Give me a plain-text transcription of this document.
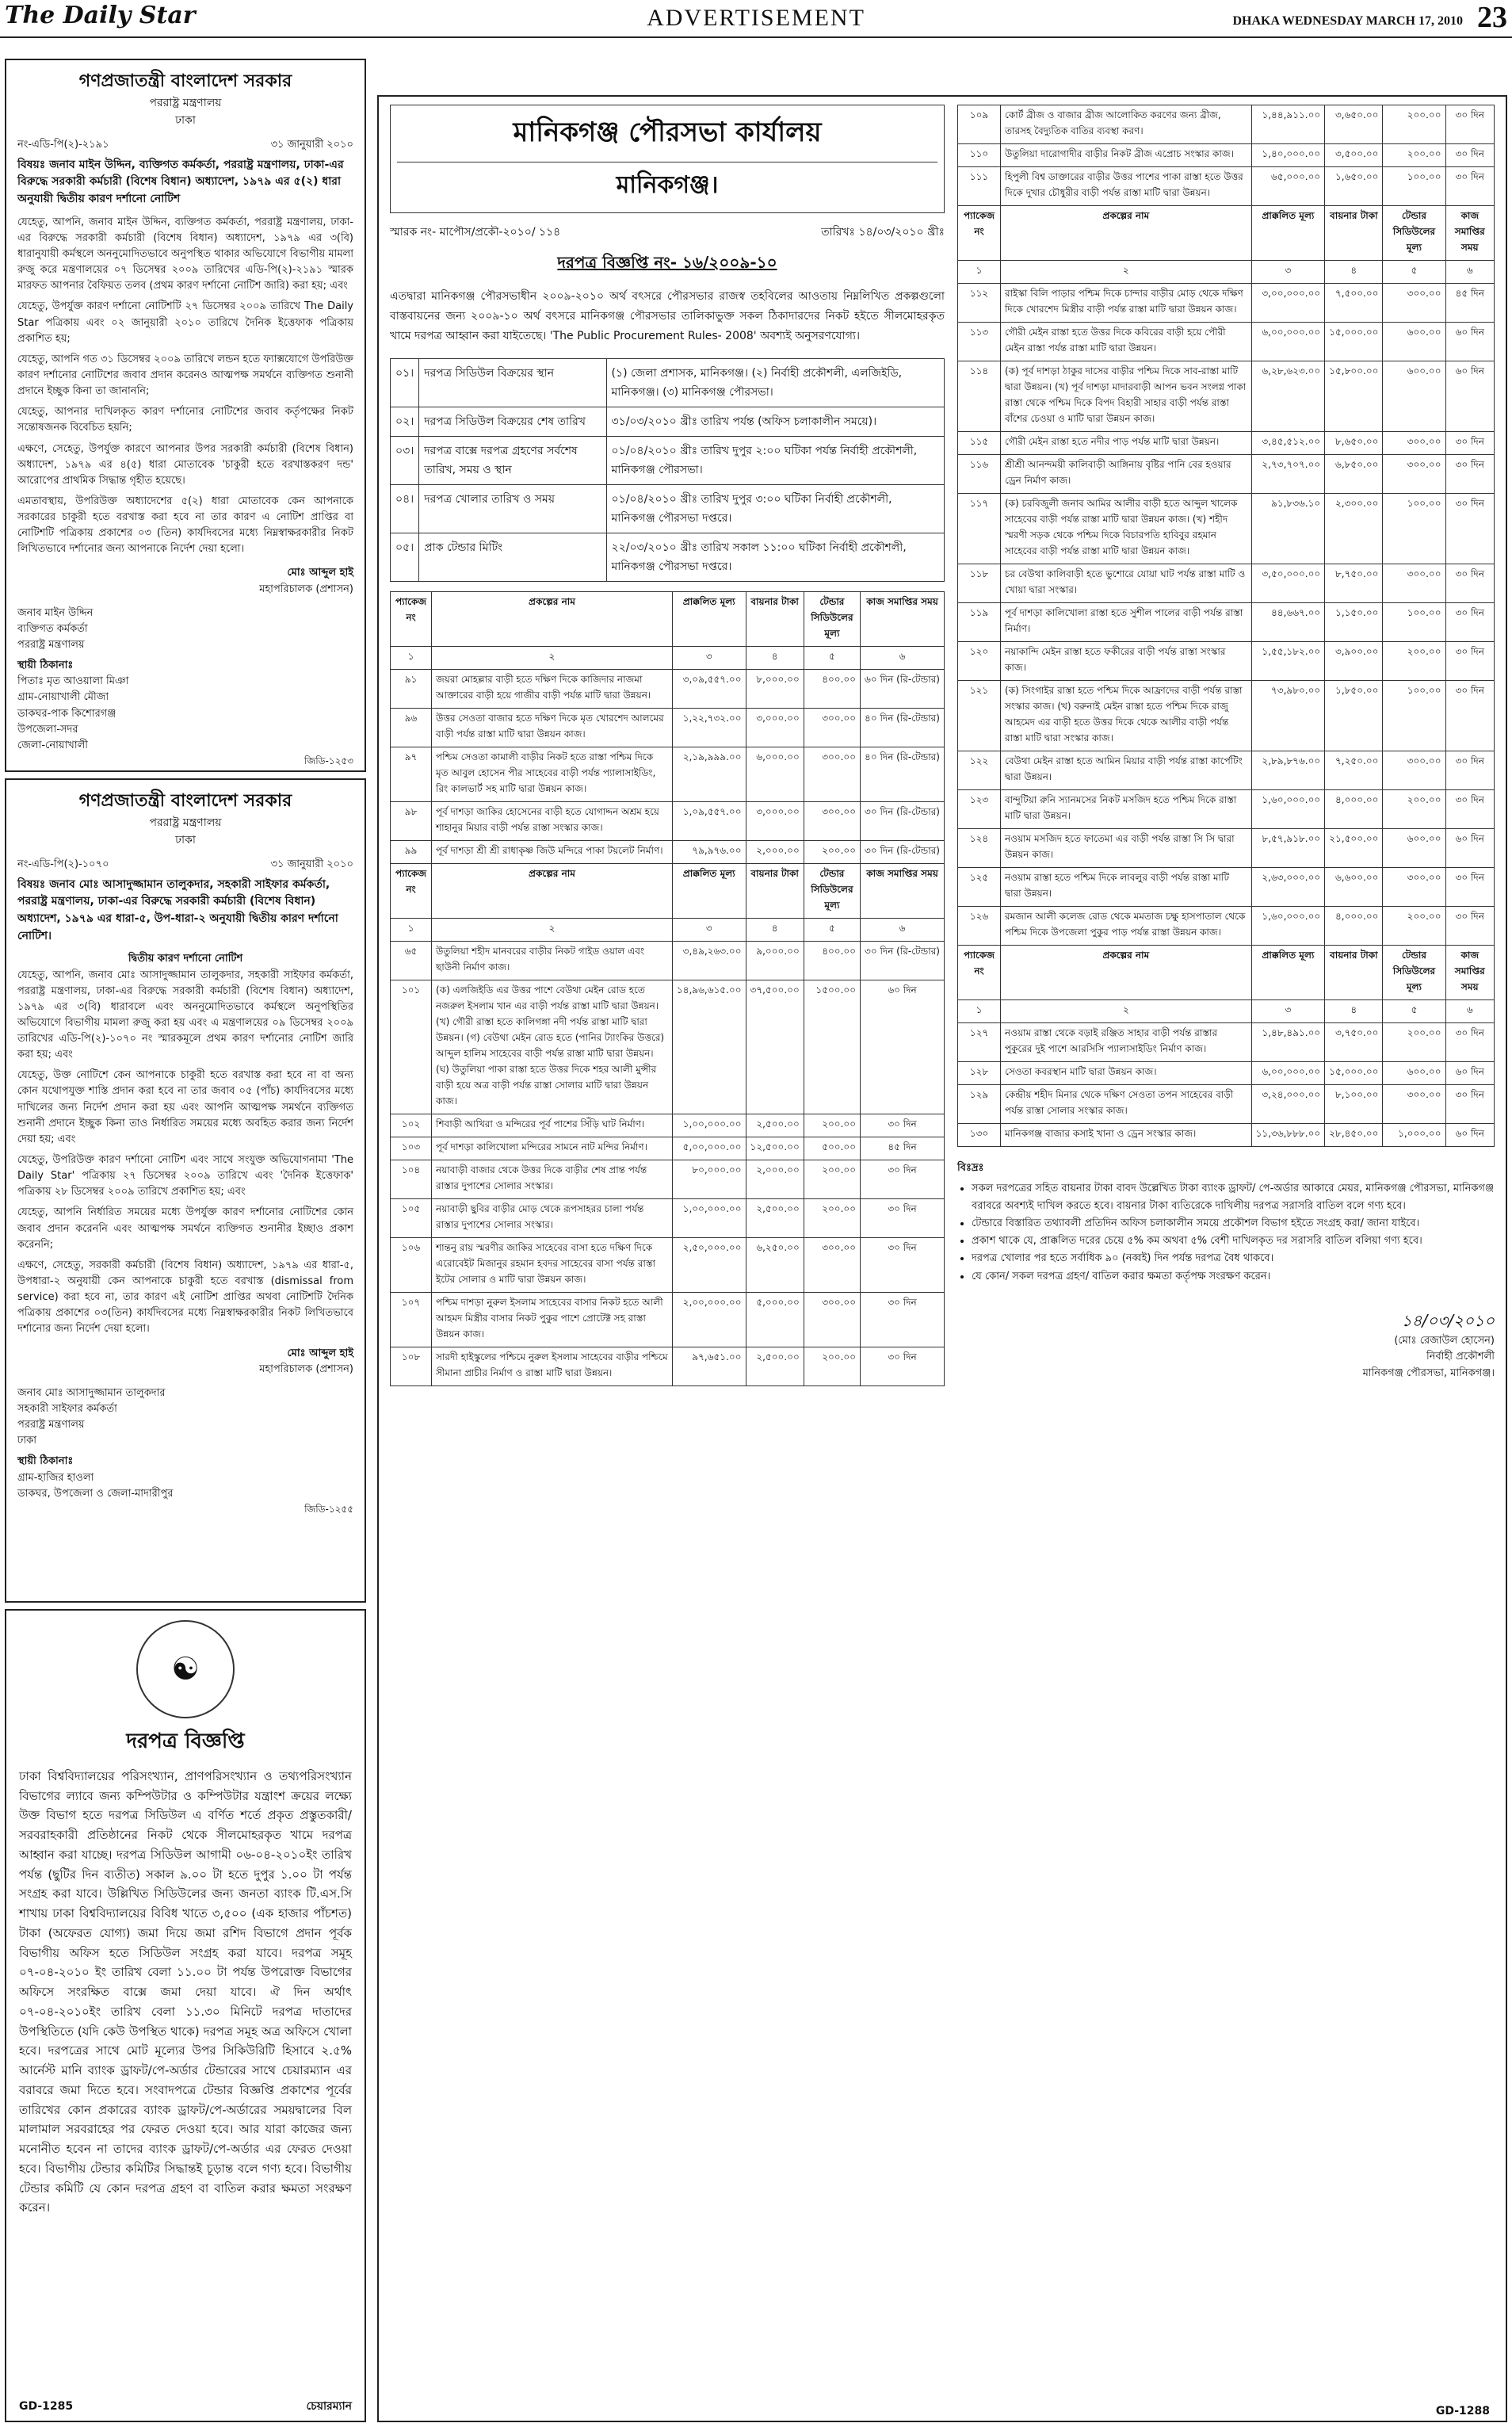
The Daily Star	ADVERTISEMENT	DHAKA WEDNESDAY MARCH 17, 2010 23
গণপ্রজাতন্ত্রী বাংলাদেশ সরকার
পররাষ্ট্র মন্ত্রণালয়
ঢাকা
নং-এডি-পি(২)-২১৯১	৩১ জানুয়ারী ২০১০
বিষয়ঃ জনাব মাইন উদ্দিন, ব্যক্তিগত কর্মকর্তা, পররাষ্ট্র মন্ত্রণালয়, ঢাকা-এর বিরুদ্ধে সরকারী কর্মচারী (বিশেষ বিধান) অধ্যাদেশ, ১৯৭৯ এর ৫(২) ধারা অনুযায়ী দ্বিতীয় কারণ দর্শানো নোটিশ

যেহেতু, আপনি, জনাব মাইন উদ্দিন, ব্যক্তিগত কর্মকর্তা, পররাষ্ট্র মন্ত্রণালয়, ঢাকা-এর বিরুদ্ধে সরকারী কর্মচারী (বিশেষ বিধান) অধ্যাদেশ, ১৯৭৯ এর ৩(বি) ধারানুযায়ী কর্মস্থলে অননুমোদিতভাবে অনুপস্থিত থাকার অভিযোগে বিভাগীয় মামলা রুজু করে মন্ত্রণালয়ের ০৭ ডিসেম্বর ২০০৯ তারিখের এডি-পি(২)-২১৯১ স্মারক মারফত আপনার বৈফিয়ত তলব (প্রথম কারণ দর্শানো নোটিশ জারি) করা হয়; এবং

যেহেতু, উপর্যুক্ত কারণ দর্শানো নোটিশটি ২৭ ডিসেম্বর ২০০৯ তারিখে The Daily Star পত্রিকায় এবং ০২ জানুয়ারী ২০১০ তারিখে দৈনিক ইত্তেফাক পত্রিকায় প্রকাশিত হয়;

যেহেতু, আপনি গত ৩১ ডিসেম্বর ২০০৯ তারিখে লন্ডন হতে ফ্যাক্সযোগে উপরিউক্ত কারণ দর্শানোর নোটিশের জবাব প্রদান করেনও আত্মপক্ষ সমর্থনে ব্যক্তিগত শুনানী প্রদানে ইচ্ছুক কিনা তা জানাননি;

যেহেতু, আপনার দাখিলকৃত কারণ দর্শানোর নোটিশের জবাব কর্তৃপক্ষের নিকট সন্তোষজনক বিবেচিত হয়নি;

এক্ষণে, সেহেতু, উপর্যুক্ত কারণে আপনার উপর সরকারী কর্মচারী (বিশেষ বিধান) অধ্যাদেশ, ১৯৭৯ এর ৪(৫) ধারা মোতাবেক 'চাকুরী হতে বরখাস্তকরণ দন্ড' আরোপের প্রাথমিক সিদ্ধান্ত গৃহীত হয়েছে।

এমতাবস্থায়, উপরিউক্ত অধ্যাদেশের ৫(২) ধারা মোতাবেক কেন আপনাকে সরকারের চাকুরী হতে বরখাস্ত করা হবে না তার কারণ এ নোটিশ প্রাপ্তির বা নোটিশটি পত্রিকায় প্রকাশের ০৩ (তিন) কার্যদিবসের মধ্যে নিম্নস্বাক্ষরকারীর নিকট লিখিতভাবে দর্শানোর জন্য আপনাকে নির্দেশ দেয়া হলো।

মোঃ আব্দুল হাই
মহাপরিচালক (প্রশাসন)
জনাব মাইন উদ্দিন
ব্যক্তিগত কর্মকর্তা
পররাষ্ট্র মন্ত্রণালয়
স্থায়ী ঠিকানাঃ
পিতাঃ মৃত আওয়ালা মিঞা
গ্রাম-নোয়াখালী মৌজা
ডাকঘর-পাক কিশোরগঞ্জ
উপজেলা-সদর
জেলা-নোয়াখালী
জিডি-১২৫৩
গণপ্রজাতন্ত্রী বাংলাদেশ সরকার
পররাষ্ট্র মন্ত্রণালয়
ঢাকা
নং-এডি-পি(২)-১০৭০	৩১ জানুয়ারী ২০১০
বিষয়ঃ জনাব মোঃ আসাদুজ্জামান তালুকদার, সহকারী সাইফার কর্মকর্তা, পররাষ্ট্র মন্ত্রণালয়, ঢাকা-এর বিরুদ্ধে সরকারী কর্মচারী (বিশেষ বিধান) অধ্যাদেশ, ১৯৭৯ এর ধারা-৫, উপ-ধারা-২ অনুযায়ী দ্বিতীয় কারণ দর্শানো নোটিশ।
দ্বিতীয় কারণ দর্শানো নোটিশ

যেহেতু, আপনি, জনাব মোঃ আসাদুজ্জামান তালুকদার, সহকারী সাইফার কর্মকর্তা, পররাষ্ট্র মন্ত্রণালয়, ঢাকা-এর বিরুদ্ধে সরকারী কর্মচারী (বিশেষ বিধান) অধ্যাদেশ, ১৯৭৯ এর ৩(বি) ধারাবলে এবং অননুমোদিতভাবে কর্মস্থলে অনুপস্থিতির অভিযোগে বিভাগীয় মামলা রুজু করা হয় এবং এ মন্ত্রণালয়ের ০৯ ডিসেম্বর ২০০৯ তারিখের এডি-পি(২)-১০৭০ নং স্মারকমূলে প্রথম কারণ দর্শানোর নোটিশ জারি করা হয়; এবং

যেহেতু, উক্ত নোটিশে কেন আপনাকে চাকুরী হতে বরখাস্ত করা হবে না বা অন্য কোন যথোপযুক্ত শাস্তি প্রদান করা হবে না তার জবাব ০৫ (পাঁচ) কার্যদিবসের মধ্যে দাখিলের জন্য নির্দেশ প্রদান করা হয় এবং আপনি আত্মপক্ষ সমর্থনে ব্যক্তিগত শুনানী প্রদানে ইচ্ছুক কিনা তাও নির্ধারিত সময়ের মধ্যে অবহিত করার জন্য নির্দেশ দেয়া হয়; এবং

যেহেতু, উপরিউক্ত কারণ দর্শানো নোটিশ এবং সাথে সংযুক্ত অভিযোগনামা 'The Daily Star' পত্রিকায় ২৭ ডিসেম্বর ২০০৯ তারিখে এবং 'দৈনিক ইত্তেফাক' পত্রিকায় ২৮ ডিসেম্বর ২০০৯ তারিখে প্রকাশিত হয়; এবং

যেহেতু, আপনি নির্ধারিত সময়ের মধ্যে উপর্যুক্ত কারণ দর্শানোর নোটিশের কোন জবাব প্রদান করেননি এবং আত্মপক্ষ সমর্থনে ব্যক্তিগত শুনানীর ইচ্ছাও প্রকাশ করেননি;

এক্ষণে, সেহেতু, সরকারী কর্মচারী (বিশেষ বিধান) অধ্যাদেশ, ১৯৭৯ এর ধারা-৫, উপধারা-২ অনুযায়ী কেন আপনাকে চাকুরী হতে বরখাস্ত (dismissal from service) করা হবে না, তার কারণ এই নোটিশ প্রাপ্তির অথবা নোটিশটি দৈনিক পত্রিকায় প্রকাশের ০৩(তিন) কার্যদিবসের মধ্যে নিম্নস্বাক্ষরকারীর নিকট লিখিতভাবে দর্শানোর জন্য নির্দেশ দেয়া হলো।

মোঃ আব্দুল হাই
মহাপরিচালক (প্রশাসন)
জনাব মোঃ আসাদুজ্জামান তালুকদার
সহকারী সাইফার কর্মকর্তা
পররাষ্ট্র মন্ত্রণালয়
ঢাকা
স্থায়ী ঠিকানাঃ
গ্রাম-হাজির হাওলা
ডাকঘর, উপজেলা ও জেলা-মাদারীপুর
জিডি-১২৫৫
☯
দরপত্র বিজ্ঞপ্তি
ঢাকা বিশ্ববিদ্যালয়ের পরিসংখ্যান, প্রাণপরিসংখ্যান ও তথ্যপরিসংখ্যান বিভাগের ল্যাবে জন্য কম্পিউটার ও কম্পিউটার যন্ত্রাংশ ক্রয়ের লক্ষ্যে উক্ত বিভাগ হতে দরপত্র সিডিউল এ বর্ণিত শর্তে প্রকৃত প্রস্তুতকারী/সরবরাহকারী প্রতিষ্ঠানের নিকট থেকে সীলমোহরকৃত খামে দরপত্র আহ্বান করা যাচ্ছে। দরপত্র সিডিউল আগামী ০৬-০৪-২০১০ইং তারিখ পর্যন্ত (ছুটির দিন ব্যতীত) সকাল ৯.০০ টা হতে দুপুর ১.০০ টা পর্যন্ত সংগ্রহ করা যাবে। উল্লিখিত সিডিউলের জন্য জনতা ব্যাংক টি.এস.সি শাখায় ঢাকা বিশ্ববিদ্যালয়ের বিবিধ খাতে ৩,৫০০ (এক হাজার পাঁচশত) টাকা (অফেরত যোগ্য) জমা দিয়ে জমা রশিদ বিভাগে প্রদান পূর্বক বিভাগীয় অফিস হতে সিডিউল সংগ্রহ করা যাবে। দরপত্র সমূহ ০৭-০৪-২০১০ ইং তারিখ বেলা ১১.০০ টা পর্যন্ত উপরোক্ত বিভাগের অফিসে সংরক্ষিত বাক্সে জমা দেয়া যাবে। ঐ দিন অর্থাৎ ০৭-০৪-২০১০ইং তারিখ বেলা ১১.৩০ মিনিটে দরপত্র দাতাদের উপস্থিতিতে (যদি কেউ উপস্থিত থাকে) দরপত্র সমূহ অত্র অফিসে খোলা হবে। দরপত্রের সাথে মোট মূল্যের উপর সিকিউরিটি হিসাবে ২.৫% আর্নেস্ট মানি ব্যাংক ড্রাফট/পে-অর্ডার টেন্ডারের সাথে চেয়ারম্যান এর বরাবরে জমা দিতে হবে। সংবাদপত্রে টেন্ডার বিজ্ঞপ্তি প্রকাশের পূর্বের তারিখের কোন প্রকারের ব্যাংক ড্রাফট/পে-অর্ডারের সময়দ্বালের বিল মালামাল সরবরাহের পর ফেরত দেওয়া হবে। আর যারা কাজের জন্য মনোনীত হবেন না তাদের ব্যাংক ড্রাফট/পে-অর্ডার এর ফেরত দেওয়া হবে। বিভাগীয় টেন্ডার কমিটির সিদ্ধান্তই চূড়ান্ত বলে গণ্য হবে। বিভাগীয় টেন্ডার কমিটি যে কোন দরপত্র গ্রহণ বা বাতিল করার ক্ষমতা সংরক্ষণ করেন।
GD-1285	চেয়ারম্যান
মানিকগঞ্জ পৌরসভা কার্যালয়
মানিকগঞ্জ।
স্মারক নং- মাপৌস/প্রকৌ-২০১০/ ১১৪	তারিখঃ ১৪/০৩/২০১০ খ্রীঃ
দরপত্র বিজ্ঞপ্তি নং- ১৬/২০০৯-১০
এতদ্বারা মানিকগঞ্জ পৌরসভাধীন ২০০৯-২০১০ অর্থ বৎসরে পৌরসভার রাজস্ব তহবিলের আওতায় নিম্নলিখিত প্রকল্পগুলো বাস্তবায়নের জন্য ২০০৯-১০ অর্থ বৎসরে মানিকগঞ্জ পৌরসভার তালিকাভুক্ত সকল ঠিকাদারদের নিকট হইতে সীলমোহরকৃত খামে দরপত্র আহ্বান করা যাইতেছে। 'The Public Procurement Rules- 2008' অবশ্যই অনুসরণযোগ্য।
০১।	দরপত্র সিডিউল বিক্রয়ের স্থান	(১) জেলা প্রশাসক, মানিকগঞ্জ। (২) নির্বাহী প্রকৌশলী, এলজিইডি, মানিকগঞ্জ। (৩) মানিকগঞ্জ পৌরসভা।
০২।	দরপত্র সিডিউল বিক্রয়ের শেষ তারিখ	৩১/০৩/২০১০ খ্রীঃ তারিখ পর্যন্ত (অফিস চলাকালীন সময়ে)।
০৩।	দরপত্র বাক্সে দরপত্র গ্রহণের সর্বশেষ তারিখ, সময় ও স্থান	০১/০৪/২০১০ খ্রীঃ তারিখ দুপুর ২:০০ ঘটিকা পর্যন্ত নির্বাহী প্রকৌশলী, মানিকগঞ্জ পৌরসভা।
০৪।	দরপত্র খোলার তারিখ ও সময়	০১/০৪/২০১০ খ্রীঃ তারিখ দুপুর ৩:০০ ঘটিকা নির্বাহী প্রকৌশলী, মানিকগঞ্জ পৌরসভা দপ্তরে।
০৫।	প্রাক টেন্ডার মিটিং	২২/০৩/২০১০ খ্রীঃ তারিখ সকাল ১১:০০ ঘটিকা নির্বাহী প্রকৌশলী, মানিকগঞ্জ পৌরসভা দপ্তরে।
প্যাকেজ নং	প্রকল্পের নাম	প্রাক্কলিত মূল্য	বায়নার টাকা	টেন্ডার সিডিউলের মূল্য	কাজ সমাপ্তির সময়
১	২	৩	৪	৫	৬
৯১	জয়রা মোহল্লার বাড়ী হতে দক্ষিণ দিকে কাজিদার নাজমা আক্তারের বাড়ী হয়ে গাজীর বাড়ী পর্যন্ত মাটি দ্বারা উন্নয়ন।	৩,০৯,৫৫৭.০০	৮,০০০.০০	৪০০.০০	৬০ দিন (রি-টেন্ডার)
৯৬	উত্তর সেওতা বাজার হতে দক্ষিণ দিকে মৃত খোরশেদ আলমের বাড়ী পর্যন্ত রাস্তা মাটি দ্বারা উন্নয়ন কাজ।	১,২২,৭৩২.০০	৩,০০০.০০	৩০০.০০	৪০ দিন (রি-টেন্ডার)
৯৭	পশ্চিম সেওতা কামালী বাড়ীর নিকট হতে রাস্তা পশ্চিম দিকে মৃত আবুল হোসেন পীর সাহেবের বাড়ী পর্যন্ত প্যালাসাইডিং, রিং কালভার্ট সহ মাটি দ্বারা উন্নয়ন কাজ।	২,১৯,৯৯৯.০০	৬,০০০.০০	৩০০.০০	৪০ দিন (রি-টেন্ডার)
৯৮	পূর্ব দাশড়া জাকির হোসেনের বাড়ী হতে যোগাদ্দন অশ্রম হয়ে শাহানুর মিয়ার বাড়ী পর্যন্ত রাস্তা সংস্কার কাজ।	১,০৯,৫৫৭.০০	৩,০০০.০০	৩০০.০০	৩০ দিন (রি-টেন্ডার)
৯৯	পূর্ব দাশড়া শ্রী শ্রী রাধাকৃষ্ণ জিউ মন্দিরে পাকা টয়লেট নির্মাণ।	৭৯,৯৭৬.০০	২,০০০.০০	২০০.০০	৩০ দিন (রি-টেন্ডার)
প্যাকেজ নং	প্রকল্পের নাম	প্রাক্কলিত মূল্য	বায়নার টাকা	টেন্ডার সিডিউলের মূল্য	কাজ সমাপ্তির সময়
১	২	৩	৪	৫	৬
৬৫	উতুলিয়া শহীদ মানবরের বাড়ীর নিকট গাইড ওয়াল এবং ছাউনী নির্মাণ কাজ।	৩,৪৯,২৬৩.০০	৯,০০০.০০	৪০০.০০	৩০ দিন (রি-টেন্ডার)
১০১	(ক) এলজিইডি এর উত্তর পাশে বেউথা মেইন রোড হতে নজরুল ইসলাম খান এর বাড়ী পর্যন্ত রাস্তা মাটি দ্বারা উন্নয়ন। (খ) গৌরী রাস্তা হতে কালিগঙ্গা নদী পর্যন্ত রাস্তা মাটি দ্বারা উন্নয়ন। (গ) বেউথা মেইন রোড হতে (পানির ট্যাংকির উত্তরে) আব্দুল হালিম সাহেবের বাড়ী পর্যন্ত রাস্তা মাটি দ্বারা উন্নয়ন। (ঘ) উতুলিয়া পাকা রাস্তা হতে উত্তর দিকে শহর আলী মুন্সীর বাড়ী হয়ে অত্র বাড়ী পর্যন্ত রাস্তা সোলার মাটি দ্বারা উন্নয়ন কাজ।	১৪,৯৬,৬১৫.০০	৩৭,৫০০.০০	১৫০০.০০	৬০ দিন
১০২	শিবাড়ী আখিরা ও মন্দিরের পূর্ব পাশের সিঁড়ি ঘাট নির্মাণ।	১,০০,০০০.০০	২,৫০০.০০	২০০.০০	৩০ দিন
১০৩	পূর্ব দাশড়া কালিখোলা মন্দিরের সামনে নাট মন্দির নির্মাণ।	৫,০০,০০০.০০	১২,৫০০.০০	৫০০.০০	৪৫ দিন
১০৪	নয়াবাড়ী বাজার থেকে উত্তর দিকে বাড়ীর শেষ প্রান্ত পর্যন্ত রাস্তার দুপাশের সোলার সংস্কার।	৮০,০০০.০০	২,০০০.০০	২০০.০০	৩০ দিন
১০৫	নয়াবাড়ী ছুবির বাড়ীর মোড় থেকে রূপসাহরর চালা পর্যন্ত রাস্তার দুপাশের সোলার সংস্কার।	১,০০,০০০.০০	২,৫০০.০০	২০০.০০	৩০ দিন
১০৬	শান্তনু রায় স্মরণীর জাকির সাহেবের বাসা হতে দক্ষিণ দিকে এরোবেইট মিজানুর রহমান হবদর সাহেবের বাসা পর্যন্ত রাস্তা ইটের সোলার ও মাটি দ্বারা উন্নয়ন কাজ।	২,৫০,০০০.০০	৬,২৫০.০০	৩০০.০০	৩০ দিন
১০৭	পশ্চিম দাশড়া নুরুল ইসলাম সাহেবের বাসার নিকট হতে আলী আহমদ মিস্ত্রীর বাসার নিকট পুকুর পাশে প্রোটেক্ট সহ রাস্তা উন্নয়ন কাজ।	২,০০,০০০.০০	৫,০০০.০০	৩০০.০০	৩০ দিন
১০৮	সারদী হাইস্কুলের পশ্চিমে নুরুল ইসলাম সাহেবের বাড়ীর পশ্চিমে সীমানা প্রাচীর নির্মাণ ও রাস্তা মাটি দ্বারা উন্নয়ন।	৯৭,৬৫১.০০	২,৫০০.০০	২০০.০০	৩০ দিন
১০৯	কোর্ট ব্রীজ ও বাজার ব্রীজ আলোকিত করণের জন্য ব্রীজ, তারসহ বৈদ্যুতিক বাতির ব্যবস্থা করণ।	১,৪৪,৯১১.০০	৩,৬৫০.০০	২০০.০০	৩০ দিন
১১০	উতুলিয়া দারোগাদীর বাড়ীর নিকট ব্রীজ এপ্রোচ সংস্কার কাজ।	১,৪০,০০০.০০	৩,৫০০.০০	২০০.০০	৩০ দিন
১১১	হিপুলী বিশ্ব ডাক্তারের বাড়ীর উত্তর পাশের পাকা রাস্তা হতে উত্তর দিকে দুখার চৌধুরীর বাড়ী পর্যন্ত রাস্তা মাটি দ্বারা উন্নয়ন।	৬৫,০০০.০০	১,৬৫০.০০	১০০.০০	৩০ দিন
প্যাকেজ নং	প্রকল্পের নাম	প্রাক্কলিত মূল্য	বায়নার টাকা	টেন্ডার সিডিউলের মূল্য	কাজ সমাপ্তির সময়
১	২	৩	৪	৫	৬
১১২	রাইস্কা বিলি পাড়ার পশ্চিম দিকে চান্দার বাড়ীর মোড় থেকে দক্ষিণ দিকে খোরশেদ মিস্ত্রীর বাড়ী পর্যন্ত রাস্তা মাটি দ্বারা উন্নয়ন কাজ।	৩,০০,০০০.০০	৭,৫০০.০০	৩০০.০০	৪৫ দিন
১১৩	গৌরী মেইন রাস্তা হতে উত্তর দিকে কবিরের বাড়ী হয়ে পৌরী মেইন রাস্তা পর্যন্ত রাস্তা মাটি দ্বারা উন্নয়ন।	৬,০০,০০০.০০	১৫,০০০.০০	৬০০.০০	৬০ দিন
১১৪	(ক) পূর্ব দাশড়া ঠাকুর দাসের বাড়ীর পশ্চিম দিকে সাব-রাস্তা মাটি দ্বারা উন্নয়ন। (খ) পূর্ব দাশড়া মাদারবাড়ী আপন ভবন সংলগ্ন পাকা রাস্তা থেকে পশ্চিম দিকে বিপদ বিহারী সাহার বাড়ী পর্যন্ত রাস্তা বাঁশের চেওয়া ও মাটি দ্বারা উন্নয়ন কাজ।	৬,২৮,৬২৩.০০	১৫,৮০০.০০	৬০০.০০	৬০ দিন
১১৫	গৌরী মেইন রাস্তা হতে নদীর পাড় পর্যন্ত মাটি দ্বারা উন্নয়ন।	৩,৪৫,৫১২.০০	৮,৬৫০.০০	৩০০.০০	৩০ দিন
১১৬	শ্রীশ্রী আনন্দময়ী কালিবাড়ী আঙ্গিনায় বৃষ্টির পানি বের হওয়ার ড্রেন নির্মাণ কাজ।	২,৭৩,৭০৭.০০	৬,৮৫০.০০	৩০০.০০	৩০ দিন
১১৭	(ক) চরবিজুলী জনাব আমির আলীর বাড়ী হতে আব্দুল খালেক সাহেবের বাড়ী পর্যন্ত রাস্তা মাটি দ্বারা উন্নয়ন কাজ। (খ) শহীদ স্মরণী সড়ক থেকে পশ্চিম দিকে বিচারপতি হাবিবুর রহমান সাহেবের বাড়ী পর্যন্ত রাস্তা মাটি দ্বারা উন্নয়ন কাজ।	৯১,৮৩৬.১০	২,৩০০.০০	১০০.০০	৩০ দিন
১১৮	চর বেউথা কালিবাড়ী হতে ভুশোরে যোয়া ঘাট পর্যন্ত রাস্তা মাটি ও খোয়া দ্বারা সংস্কার।	৩,৫০,০০০.০০	৮,৭৫০.০০	৩০০.০০	৩০ দিন
১১৯	পূর্ব দাশড়া কালিখোলা রাস্তা হতে সুশীল পালের বাড়ী পর্যন্ত রাস্তা নির্মাণ।	৪৪,৬৬৭.০০	১,১৫০.০০	১০০.০০	৩০ দিন
১২০	নয়াকান্দি মেইন রাস্তা হতে ফকীরের বাড়ী পর্যন্ত রাস্তা সংস্কার কাজ।	১,৫৫,১৮২.০০	৩,৯০০.০০	২০০.০০	৩০ দিন
১২১	(ক) সিংগাইর রাস্তা হতে পশ্চিম দিকে আফ্রাদের বাড়ী পর্যন্ত রাস্তা সংস্কার কাজ। (খ) বরুনাই মেইন রাস্তা হতে পশ্চিম দিকে রাজু আহমেদ এর বাড়ী হতে উত্তর দিকে থেকে আলীর বাড়ী পর্যন্ত রাস্তা মাটি দ্বারা সংস্কার কাজ।	৭৩,৯৮০.০০	১,৮৫০.০০	১০০.০০	৩০ দিন
১২২	বেউথা মেইন রাস্তা হতে আমিন মিয়ার বাড়ী পর্যন্ত রাস্তা কার্পেটিং দ্বারা উন্নয়ন।	২,৮৯,৮৭৬.০০	৭,২৫০.০০	৩০০.০০	৩০ দিন
১২৩	বান্দুটিয়া রুনি স্যানমসের নিকট মসজিদ হতে পশ্চিম দিকে রাস্তা মাটি দ্বারা উন্নয়ন।	১,৬০,০০০.০০	৪,০০০.০০	২০০.০০	৩০ দিন
১২৪	নওয়াম মসজিদ হতে ফাতেমা এর বাড়ী পর্যন্ত রাস্তা সি সি দ্বারা উন্নয়ন কাজ।	৮,৫৭,৯১৮.০০	২১,৫০০.০০	৬০০.০০	৬০ দিন
১২৫	নওয়াম রাস্তা হতে পশ্চিম দিকে লাবলুর বাড়ী পর্যন্ত রাস্তা মাটি দ্বারা উন্নয়ন।	২,৬৩,০০০.০০	৬,৬০০.০০	৩০০.০০	৩০ দিন
১২৬	রমজান আলী কলেজ রোড থেকে মমতাজ চক্ষু হাসপাতাল থেকে পশ্চিম দিকে উপজেলা পুকুর পাড় পর্যন্ত রাস্তা উন্নয়ন কাজ।	১,৬০,০০০.০০	৪,০০০.০০	২০০.০০	৩০ দিন
প্যাকেজ নং	প্রকল্পের নাম	প্রাক্কলিত মূল্য	বায়নার টাকা	টেন্ডার সিডিউলের মূল্য	কাজ সমাপ্তির সময়
১	২	৩	৪	৫	৬
১২৭	নওয়াম রাস্তা থেকে বড়াই রঞ্জিত সাহার বাড়ী পর্যন্ত রাস্তার পুকুরের দুই পাশে আরসিসি প্যালাসাইডিং নির্মাণ কাজ।	১,৪৮,৪৯১.০০	৩,৭৫০.০০	২০০.০০	৩০ দিন
১২৮	সেওতা কবরস্থান মাটি দ্বারা উন্নয়ন কাজ।	৬,০০,০০০.০০	১৫,০০০.০০	৬০০.০০	৬০ দিন
১২৯	কেন্দ্রীয় শহীদ মিনার থেকে দক্ষিণ সেওতা তপন সাহেবের বাড়ী পর্যন্ত রাস্তা সোলার সংস্কার কাজ।	৩,২৪,০০০.০০	৮,১০০.০০	৩০০.০০	৩০ দিন
১৩০	মানিকগঞ্জ বাজার কসাই খানা ও ড্রেন সংস্কার কাজ।	১১,৩৬,৮৮৮.০০	২৮,৪৫০.০০	১,০০০.০০	৬০ দিন
বিঃদ্রঃ
• সকল দরপত্রের সহিত বায়নার টাকা বাবদ উল্লেখিত টাকা ব্যাংক ড্রাফট/ পে-অর্ডার আকারে মেয়র, মানিকগঞ্জ পৌরসভা, মানিকগঞ্জ বরাবরে অবশ্যই দাখিল করতে হবে। বায়নার টাকা ব্যতিরেকে দাখিলীয় দরপত্র সরাসরি বাতিল বলে গণ্য হবে।
• টেন্ডারে বিস্তারিত তথ্যাবলী প্রতিদিন অফিস চলাকালীন সময়ে প্রকৌশল বিভাগ হইতে সংগ্রহ করা/ জানা যাইবে।
• প্রকাশ থাকে যে, প্রাক্কলিত দরের চেয়ে ৫% কম অথবা ৫% বেশী দাখিলকৃত দর সরাসরি বাতিল বলিয়া গণ্য হবে।
• দরপত্র খোলার পর হতে সর্বাধিক ৯০ (নব্বই) দিন পর্যন্ত দরপত্র বৈধ থাকবে।
• যে কোন/ সকল দরপত্র গ্রহণ/ বাতিল করার ক্ষমতা কর্তৃপক্ষ সংরক্ষণ করেন।
১৪/০৩/২০১০
(মোঃ রেজাউল হোসেন)
নির্বাহী প্রকৌশলী
মানিকগঞ্জ পৌরসভা, মানিকগঞ্জ।
GD-1288
